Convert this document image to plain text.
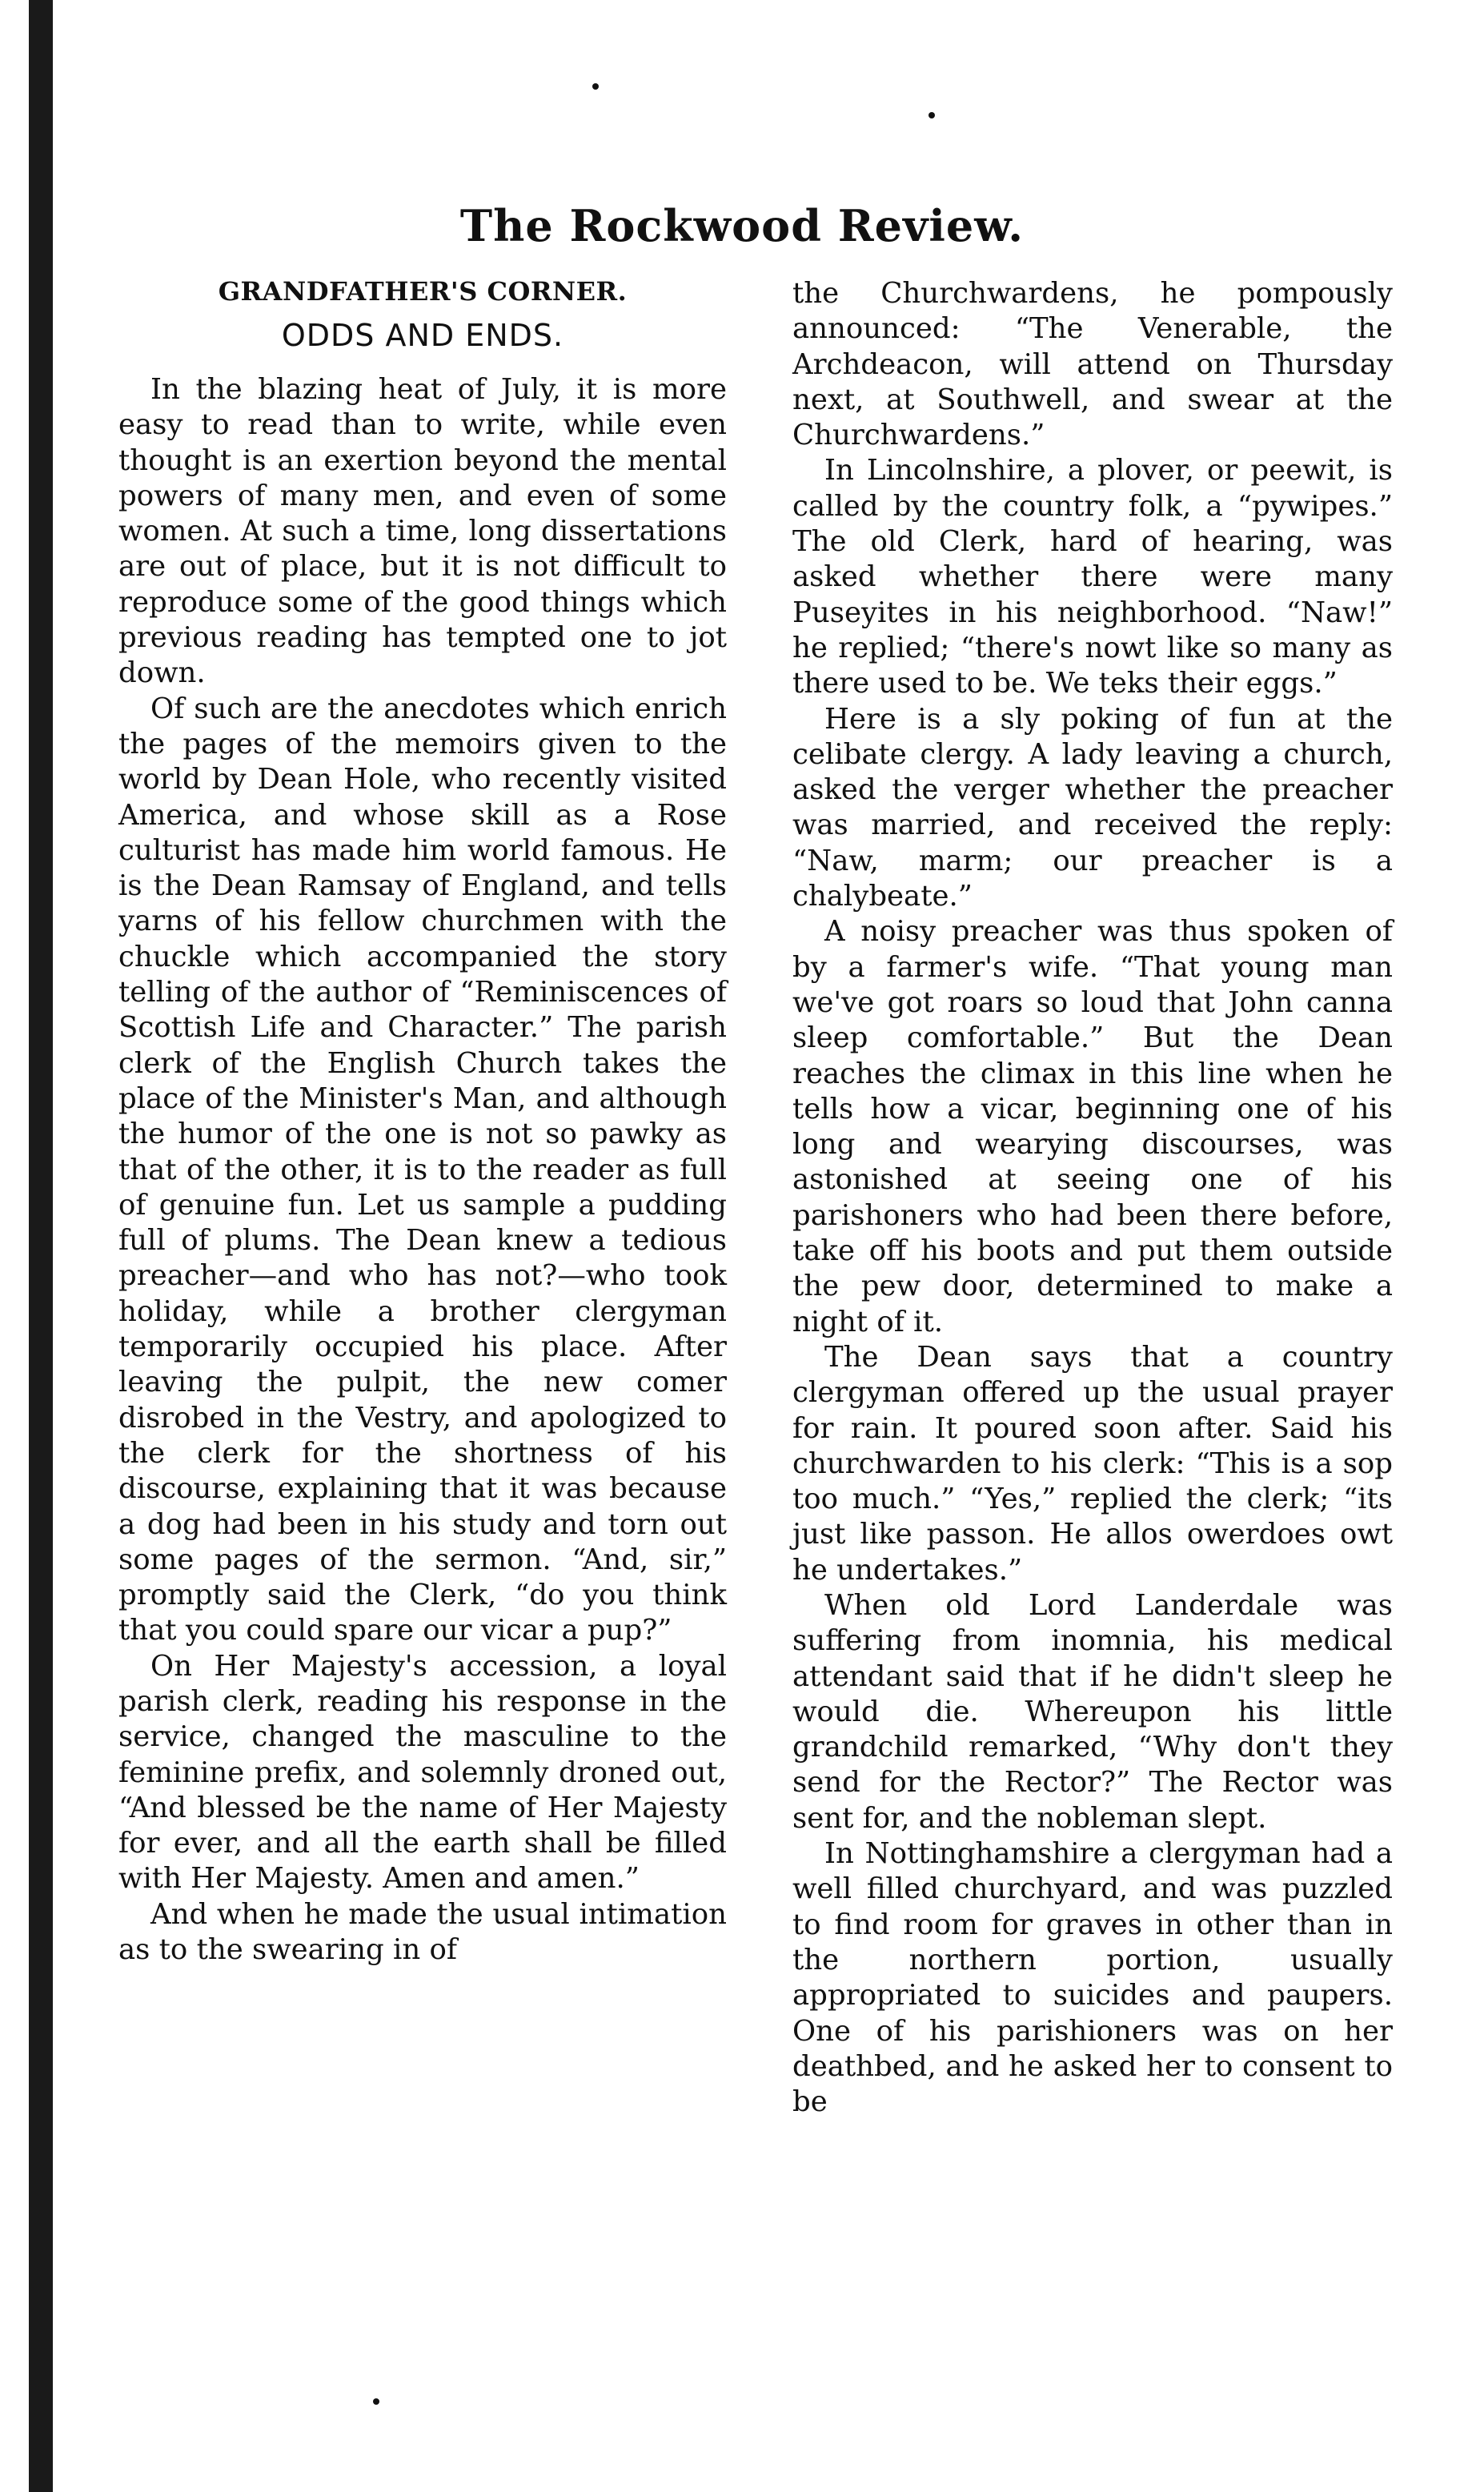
The Rockwood Review.
GRANDFATHER'S CORNER.
ODDS AND ENDS.

In the blazing heat of July, it is more easy to read than to write, while even thought is an exertion beyond the mental powers of many men, and even of some women. At such a time, long dissertations are out of place, but it is not difficult to reproduce some of the good things which previous reading has tempted one to jot down.

Of such are the anecdotes which enrich the pages of the memoirs given to the world by Dean Hole, who recently visited America, and whose skill as a Rose culturist has made him world famous. He is the Dean Ramsay of England, and tells yarns of his fellow churchmen with the chuckle which accompanied the story telling of the author of “Reminiscences of Scottish Life and Character.” The parish clerk of the English Church takes the place of the Minister's Man, and although the humor of the one is not so pawky as that of the other, it is to the reader as full of genuine fun. Let us sample a pudding full of plums. The Dean knew a tedious preacher—and who has not?—who took holiday, while a brother clergyman temporarily occupied his place. After leaving the pulpit, the new comer disrobed in the Vestry, and apologized to the clerk for the shortness of his discourse, explaining that it was because a dog had been in his study and torn out some pages of the sermon. “And, sir,” promptly said the Clerk, “do you think that you could spare our vicar a pup?”

On Her Majesty's accession, a loyal parish clerk, reading his response in the service, changed the masculine to the feminine prefix, and solemnly droned out, “And blessed be the name of Her Majesty for ever, and all the earth shall be filled with Her Majesty. Amen and amen.”

And when he made the usual intimation as to the swearing in of

the Churchwardens, he pompously announced: “The Venerable, the Archdeacon, will attend on Thursday next, at Southwell, and swear at the Churchwardens.”

In Lincolnshire, a plover, or peewit, is called by the country folk, a “pywipes.” The old Clerk, hard of hearing, was asked whether there were many Puseyites in his neighborhood. “Naw!” he replied; “there's nowt like so many as there used to be. We teks their eggs.”

Here is a sly poking of fun at the celibate clergy. A lady leaving a church, asked the verger whether the preacher was married, and received the reply: “Naw, marm; our preacher is a chalybeate.”

A noisy preacher was thus spoken of by a farmer's wife. “That young man we've got roars so loud that John canna sleep comfortable.” But the Dean reaches the climax in this line when he tells how a vicar, beginning one of his long and wearying discourses, was astonished at seeing one of his parishoners who had been there before, take off his boots and put them outside the pew door, determined to make a night of it.

The Dean says that a country clergyman offered up the usual prayer for rain. It poured soon after. Said his churchwarden to his clerk: “This is a sop too much.” “Yes,” replied the clerk; “its just like passon. He allos owerdoes owt he undertakes.”

When old Lord Landerdale was suffering from inomnia, his medical attendant said that if he didn't sleep he would die. Whereupon his little grandchild remarked, “Why don't they send for the Rector?” The Rector was sent for, and the nobleman slept.

In Nottinghamshire a clergyman had a well filled churchyard, and was puzzled to find room for graves in other than in the northern portion, usually appropriated to suicides and paupers. One of his parishioners was on her deathbed, and he asked her to consent to be
